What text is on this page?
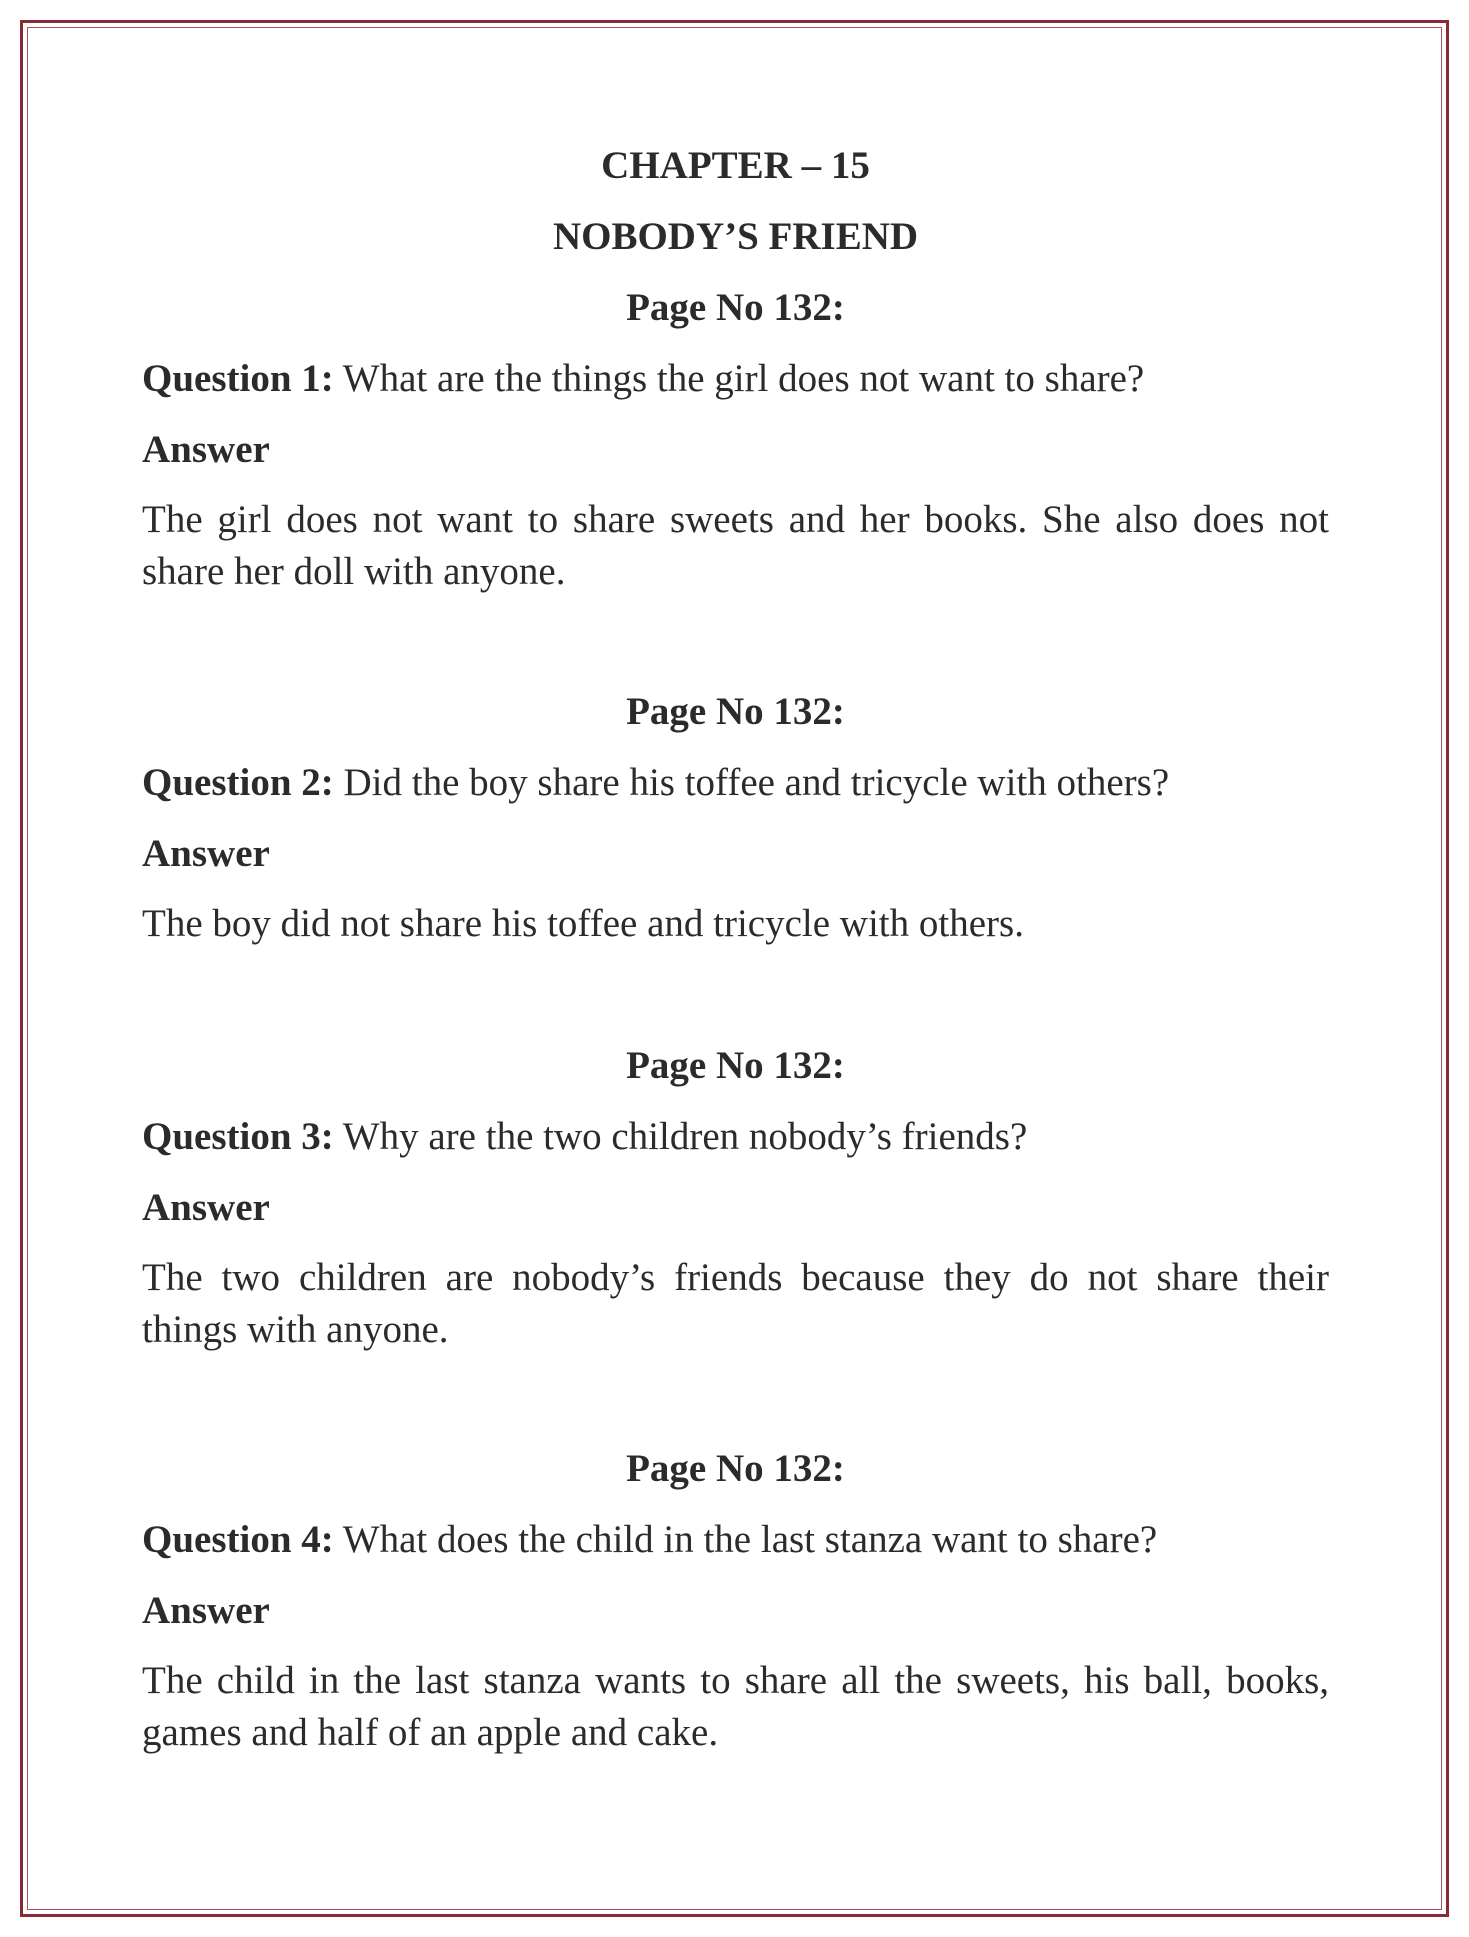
CHAPTER – 15
NOBODY’S FRIEND
Page No 132:
Question 1: What are the things the girl does not want to share?
Answer
The girl does not want to share sweets and her books. She also does not share her doll with anyone.
Page No 132:
Question 2: Did the boy share his toffee and tricycle with others?
Answer
The boy did not share his toffee and tricycle with others.
Page No 132:
Question 3: Why are the two children nobody’s friends?
Answer
The two children are nobody’s friends because they do not share their things with anyone.
Page No 132:
Question 4: What does the child in the last stanza want to share?
Answer
The child in the last stanza wants to share all the sweets, his ball, books, games and half of an apple and cake.
